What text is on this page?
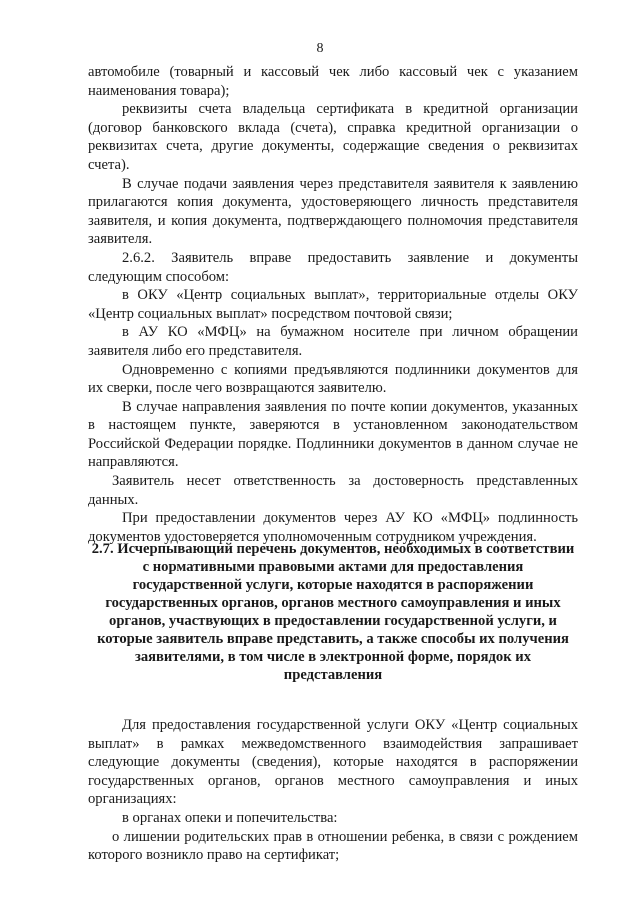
8

автомобиле (товарный и кассовый чек либо кассовый чек с указанием наименования товара);

реквизиты счета владельца сертификата в кредитной организации (договор банковского вклада (счета), справка кредитной организации о реквизитах счета, другие документы, содержащие сведения о реквизитах счета).

В случае подачи заявления через представителя заявителя к заявлению прилагаются копия документа, удостоверяющего личность представителя заявителя, и копия документа, подтверждающего полномочия представителя заявителя.

2.6.2. Заявитель вправе предоставить заявление и документы следующим способом:

в ОКУ «Центр социальных выплат», территориальные отделы ОКУ «Центр социальных выплат» посредством почтовой связи;

в АУ КО «МФЦ» на бумажном носителе при личном обращении заявителя либо его представителя.

Одновременно с копиями предъявляются подлинники документов для их сверки, после чего возвращаются заявителю.

В случае направления заявления по почте копии документов, указанных в настоящем пункте, заверяются в установленном законодательством Российской Федерации порядке. Подлинники документов в данном случае не направляются.

Заявитель несет ответственность за достоверность представленных данных.

При предоставлении документов через АУ КО «МФЦ» подлинность документов удостоверяется уполномоченным сотрудником учреждения.

2.7. Исчерпывающий перечень документов, необходимых в соответствии с нормативными правовыми актами для предоставления государственной услуги, которые находятся в распоряжении государственных органов, органов местного самоуправления и иных органов, участвующих в предоставлении государственной услуги, и которые заявитель вправе представить, а также способы их получения заявителями, в том числе в электронной форме, порядок их представления

Для предоставления государственной услуги ОКУ «Центр социальных выплат» в рамках межведомственного взаимодействия запрашивает следующие документы (сведения), которые находятся в распоряжении государственных органов, органов местного самоуправления и иных организациях:

в органах опеки и попечительства:

о лишении родительских прав в отношении ребенка, в связи с рождением которого возникло право на сертификат;
